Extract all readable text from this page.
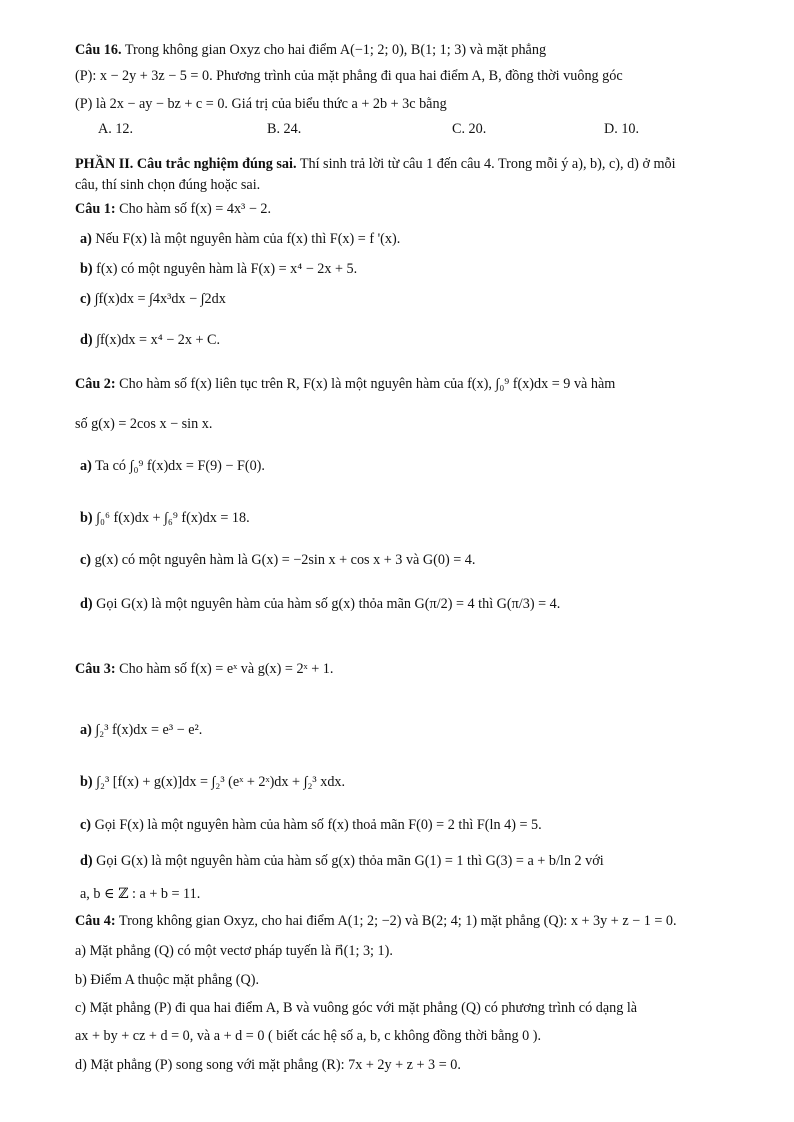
Câu 16. Trong không gian Oxyz cho hai điểm A(−1; 2; 0), B(1; 1; 3) và mặt phẳng
(P): x − 2y + 3z − 5 = 0. Phương trình của mặt phẳng đi qua hai điểm A, B, đồng thời vuông góc
(P) là 2x − ay − bz + c = 0. Giá trị của biểu thức a + 2b + 3c bằng
A. 12.	B. 24.	C. 20.	D. 10.
PHẦN II. Câu trắc nghiệm đúng sai. Thí sinh trả lời từ câu 1 đến câu 4. Trong mỗi ý a), b), c), d) ở mỗi
câu, thí sinh chọn đúng hoặc sai.
Câu 1: Cho hàm số f(x) = 4x³ − 2.
a) Nếu F(x) là một nguyên hàm của f(x) thì F(x) = f '(x).
b) f(x) có một nguyên hàm là F(x) = x⁴ − 2x + 5.
c) ∫f(x)dx = ∫4x³dx − ∫2dx
d) ∫f(x)dx = x⁴ − 2x + C.
Câu 2: Cho hàm số f(x) liên tục trên R, F(x) là một nguyên hàm của f(x), ∫₀⁹ f(x)dx = 9 và hàm
số g(x) = 2cos x − sin x.
a) Ta có ∫₀⁹ f(x)dx = F(9) − F(0).
b) ∫₀⁶ f(x)dx + ∫₆⁹ f(x)dx = 18.
c) g(x) có một nguyên hàm là G(x) = −2sin x + cos x + 3 và G(0) = 4.
d) Gọi G(x) là một nguyên hàm của hàm số g(x) thỏa mãn G(π/2) = 4 thì G(π/3) = 4.
Câu 3: Cho hàm số f(x) = eˣ và g(x) = 2ˣ + 1.
a) ∫₂³ f(x)dx = e³ − e².
b) ∫₂³ [f(x) + g(x)]dx = ∫₂³ (eˣ + 2ˣ)dx + ∫₂³ xdx.
c) Gọi F(x) là một nguyên hàm của hàm số f(x) thoả mãn F(0) = 2 thì F(ln 4) = 5.
d) Gọi G(x) là một nguyên hàm của hàm số g(x) thỏa mãn G(1) = 1 thì G(3) = a + b/ln 2 với
a, b ∈ ℤ : a + b = 11.
Câu 4: Trong không gian Oxyz, cho hai điểm A(1; 2; −2) và B(2; 4; 1) mặt phẳng (Q): x + 3y + z − 1 = 0.
a) Mặt phẳng (Q) có một vectơ pháp tuyến là n⃗(1; 3; 1).
b) Điểm A thuộc mặt phẳng (Q).
c) Mặt phẳng (P) đi qua hai điểm A, B và vuông góc với mặt phẳng (Q) có phương trình có dạng là
ax + by + cz + d = 0, và a + d = 0 ( biết các hệ số a, b, c không đồng thời bằng 0 ).
d) Mặt phẳng (P) song song với mặt phẳng (R): 7x + 2y + z + 3 = 0.
